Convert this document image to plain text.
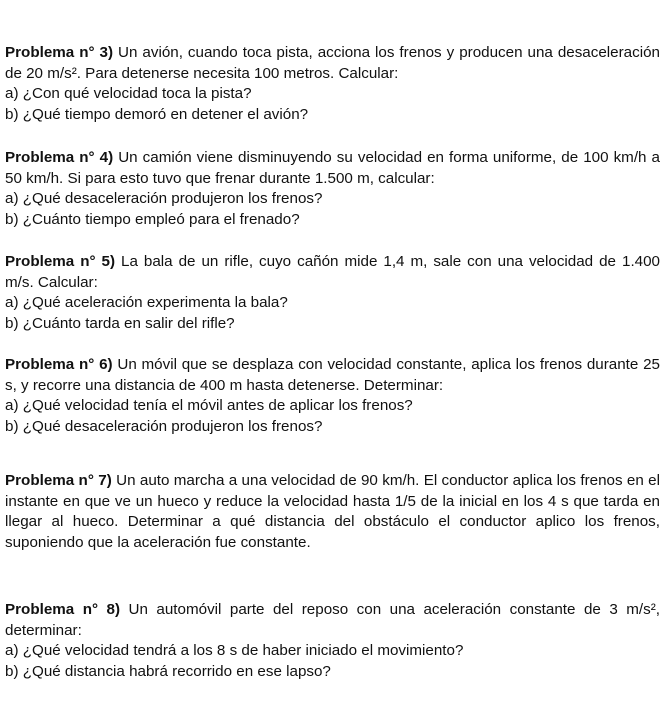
Problema n° 3) Un avión, cuando toca pista, acciona los frenos y producen una desaceleración de 20 m/s². Para detenerse necesita 100 metros. Calcular:

a) ¿Con qué velocidad toca la pista?

b) ¿Qué tiempo demoró en detener el avión?

Problema n° 4) Un camión viene disminuyendo su velocidad en forma uniforme, de 100 km/h a 50 km/h. Si para esto tuvo que frenar durante 1.500 m, calcular:

a) ¿Qué desaceleración produjeron los frenos?

b) ¿Cuánto tiempo empleó para el frenado?

Problema n° 5) La bala de un rifle, cuyo cañón mide 1,4 m, sale con una velocidad de 1.400 m/s. Calcular:

a) ¿Qué aceleración experimenta la bala?

b) ¿Cuánto tarda en salir del rifle?

Problema n° 6) Un móvil que se desplaza con velocidad constante, aplica los frenos durante 25 s, y recorre una distancia de 400 m hasta detenerse. Determinar:

a) ¿Qué velocidad tenía el móvil antes de aplicar los frenos?

b) ¿Qué desaceleración produjeron los frenos?

Problema n° 7) Un auto marcha a una velocidad de 90 km/h. El conductor aplica los frenos en el instante en que ve un hueco y reduce la velocidad hasta 1/5 de la inicial en los 4 s que tarda en llegar al hueco. Determinar a qué distancia del obstáculo el conductor aplico los frenos, suponiendo que la aceleración fue constante.

Problema n° 8) Un automóvil parte del reposo con una aceleración constante de 3 m/s², determinar:

a) ¿Qué velocidad tendrá a los 8 s de haber iniciado el movimiento?

b) ¿Qué distancia habrá recorrido en ese lapso?
